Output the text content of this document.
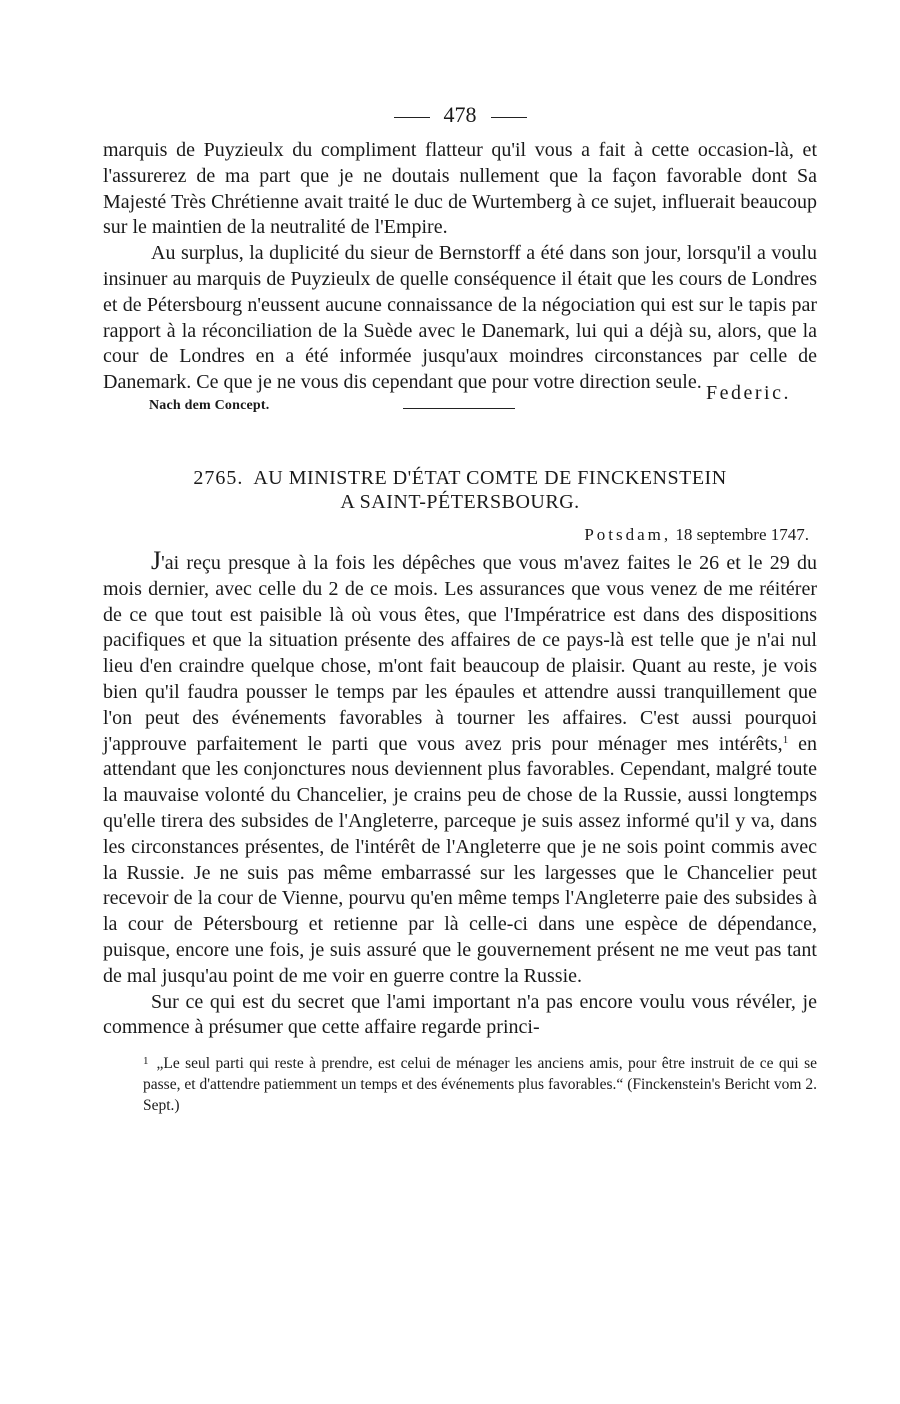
478

marquis de Puyzieulx du compliment flatteur qu'il vous a fait à cette occasion-là, et l'assurerez de ma part que je ne doutais nullement que la façon favorable dont Sa Majesté Très Chrétienne avait traité le duc de Wurtemberg à ce sujet, influerait beaucoup sur le maintien de la neutralité de l'Empire.

Au surplus, la duplicité du sieur de Bernstorff a été dans son jour, lorsqu'il a voulu insinuer au marquis de Puyzieulx de quelle conséquence il était que les cours de Londres et de Pétersbourg n'eussent aucune connaissance de la négociation qui est sur le tapis par rapport à la réconciliation de la Suède avec le Danemark, lui qui a déjà su, alors, que la cour de Londres en a été informée jusqu'aux moindres circonstances par celle de Danemark. Ce que je ne vous dis cependant que pour votre direction seule.

Nach dem Concept.
Federic.
2765. AU MINISTRE D'ÉTAT COMTE DE FINCKENSTEIN
A SAINT-PÉTERSBOURG.
Potsdam, 18 septembre 1747.

J'ai reçu presque à la fois les dépêches que vous m'avez faites le 26 et le 29 du mois dernier, avec celle du 2 de ce mois. Les assurances que vous venez de me réitérer de ce que tout est paisible là où vous êtes, que l'Impératrice est dans des dispositions pacifiques et que la situation présente des affaires de ce pays-là est telle que je n'ai nul lieu d'en craindre quelque chose, m'ont fait beaucoup de plaisir. Quant au reste, je vois bien qu'il faudra pousser le temps par les épaules et attendre aussi tranquillement que l'on peut des événements favorables à tourner les affaires. C'est aussi pourquoi j'approuve parfaitement le parti que vous avez pris pour ménager mes intérêts,$^1$ en attendant que les conjonctures nous deviennent plus favorables. Cependant, malgré toute la mauvaise volonté du Chancelier, je crains peu de chose de la Russie, aussi longtemps qu'elle tirera des subsides de l'Angleterre, parceque je suis assez informé qu'il y va, dans les circonstances présentes, de l'intérêt de l'Angleterre que je ne sois point commis avec la Russie. Je ne suis pas même embarrassé sur les largesses que le Chancelier peut recevoir de la cour de Vienne, pourvu qu'en même temps l'Angleterre paie des subsides à la cour de Pétersbourg et retienne par là celle-ci dans une espèce de dépendance, puisque, encore une fois, je suis assuré que le gouvernement présent ne me veut pas tant de mal jusqu'au point de me voir en guerre contre la Russie.

Sur ce qui est du secret que l'ami important n'a pas encore voulu vous révéler, je commence à présumer que cette affaire regarde princi-

$^1$ „Le seul parti qui reste à prendre, est celui de ménager les anciens amis, pour être instruit de ce qui se passe, et d'attendre patiemment un temps et des événements plus favorables.“ (Finckenstein's Bericht vom 2. Sept.)
